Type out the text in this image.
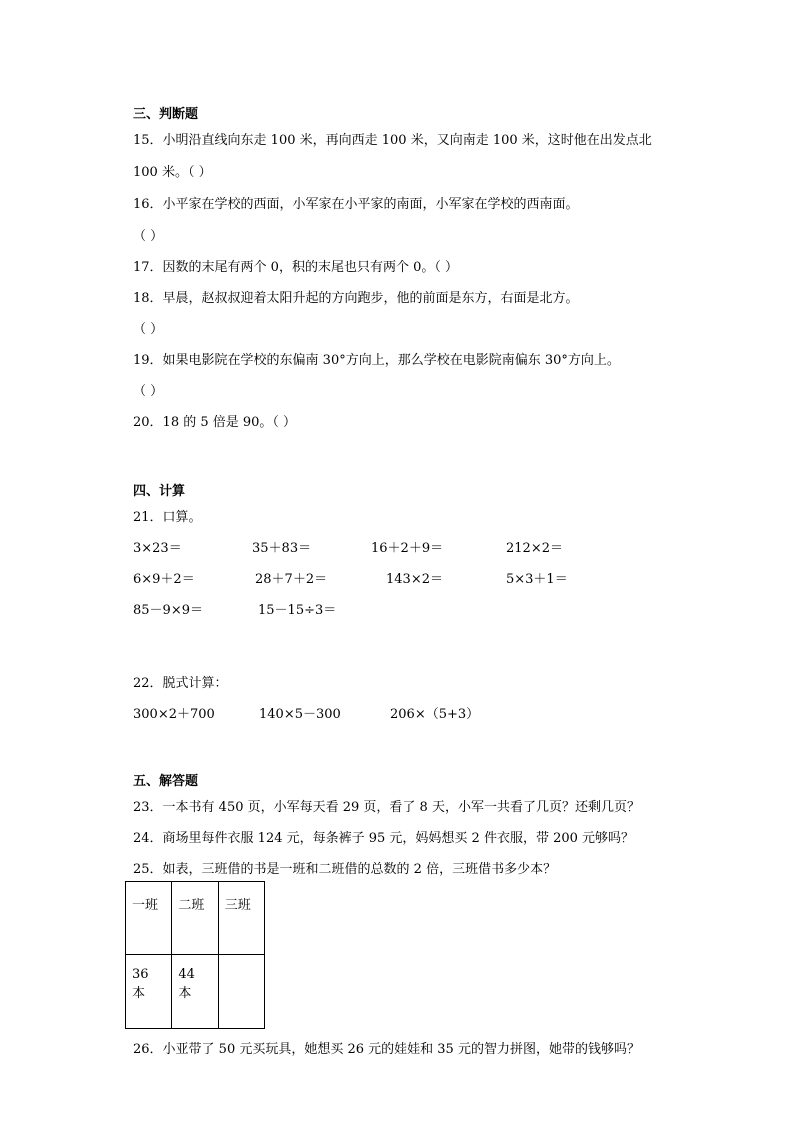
三、判断题
15．小明沿直线向东走 100 米，再向西走 100 米，又向南走 100 米，这时他在出发点北
100 米。（ ）
16．小平家在学校的西面，小军家在小平家的南面，小军家在学校的西南面。
（ ）
17．因数的末尾有两个 0，积的末尾也只有两个 0。（ ）
18．早晨，赵叔叔迎着太阳升起的方向跑步，他的前面是东方，右面是北方。
（ ）
19．如果电影院在学校的东偏南 30°方向上，那么学校在电影院南偏东 30°方向上。
（ ）
20．18 的 5 倍是 90。（ ）
四、计算
21．口算。
3×23＝	35＋83＝	16＋2＋9＝	212×2＝
6×9＋2＝	28＋7＋2＝	143×2＝	5×3＋1＝
85－9×9＝	15－15÷3＝
22．脱式计算：
300×2＋700	140×5－300	206×（5+3）
五、解答题
23．一本书有 450 页，小军每天看 29 页，看了 8 天，小军一共看了几页？还剩几页？
24．商场里每件衣服 124 元，每条裤子 95 元，妈妈想买 2 件衣服，带 200 元够吗？
25．如表，三班借的书是一班和二班借的总数的 2 倍，三班借书多少本？
一班	二班	三班
36 本	44 本	
26．小亚带了 50 元买玩具，她想买 26 元的娃娃和 35 元的智力拼图，她带的钱够吗？
